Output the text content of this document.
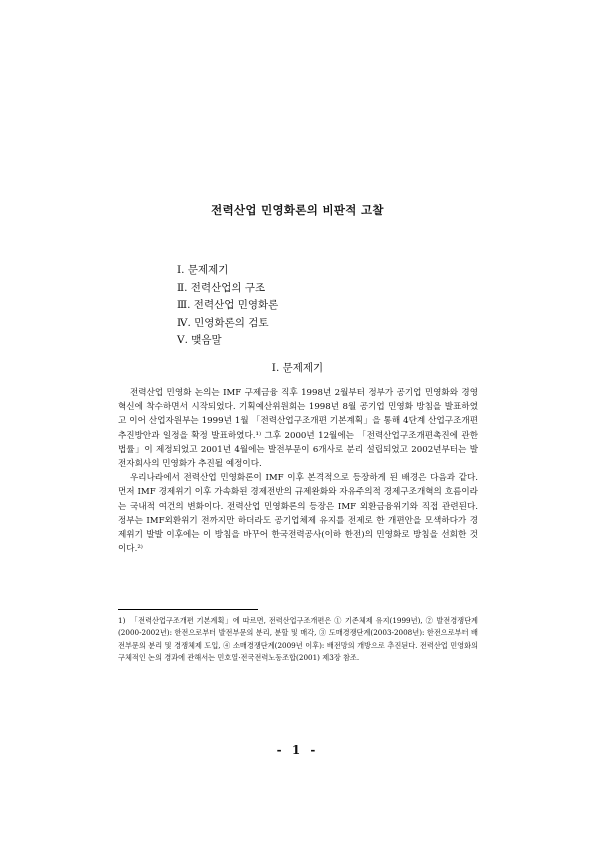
전력산업 민영화론의 비판적 고찰
Ⅰ. 문제제기
Ⅱ. 전력산업의 구조
Ⅲ. 전력산업 민영화론
Ⅳ. 민영화론의 검토
Ⅴ. 맺음말
Ⅰ. 문제제기

전력산업 민영화 논의는 IMF 구제금융 직후 1998년 2월부터 정부가 공기업 민영화와 경영혁신에 착수하면서 시작되었다. 기획예산위원회는 1998년 8월 공기업 민영화 방침을 발표하였고 이어 산업자원부는 1999년 1월 「전력산업구조개편 기본계획」을 통해 4단계 산업구조개편 추진방안과 일정을 확정 발표하였다.¹⁾ 그후 2000년 12월에는 「전력산업구조개편촉진에 관한 법률」이 제정되었고 2001년 4월에는 발전부문이 6개사로 분리 설립되었고 2002년부터는 발전자회사의 민영화가 추진될 예정이다.

우리나라에서 전력산업 민영화론이 IMF 이후 본격적으로 등장하게 된 배경은 다음과 같다. 먼저 IMF 경제위기 이후 가속화된 경제전반의 규제완화와 자유주의적 경제구조개혁의 흐름이라는 국내적 여건의 변화이다. 전력산업 민영화론의 등장은 IMF 외환금융위기와 직접 관련된다. 정부는 IMF외환위기 전까지만 하더라도 공기업체제 유지를 전제로 한 개편안을 모색하다가 경제위기 발발 이후에는 이 방침을 바꾸어 한국전력공사(이하 한전)의 민영화로 방침을 선회한 것이다.²⁾

1) 「전력산업구조개편 기본계획」에 따르면, 전력산업구조개편은 ① 기존체제 유지(1999년), ② 발전경쟁단계(2000-2002년): 한전으로부터 발전부문의 분리, 분할 및 매각, ③ 도매경쟁단계(2003-2008년): 한전으로부터 배전부문의 분리 및 경쟁체제 도입, ④ 소매경쟁단계(2009년 이후): 배전망의 개방으로 추진된다. 전력산업 민영화의 구체적인 논의 경과에 관해서는 민호열·전국전력노동조합(2001) 제3장 참조.
- 1 -
